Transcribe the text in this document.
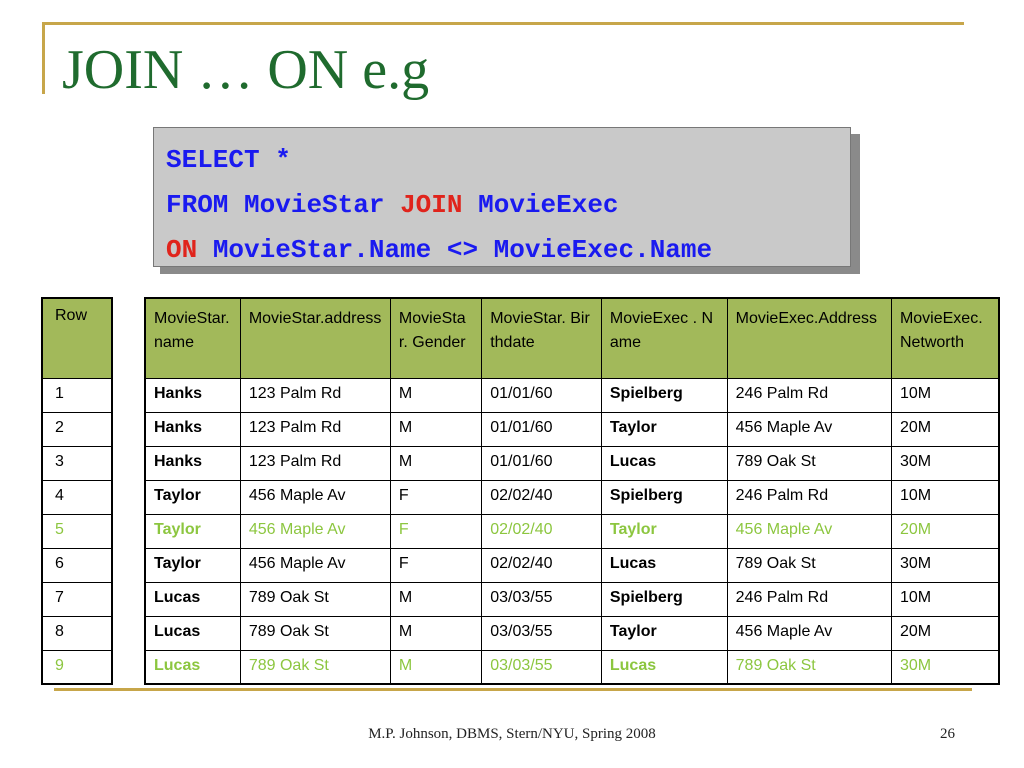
JOIN … ON e.g
SELECT *
FROM MovieStar JOIN MovieExec
ON MovieStar.Name <> MovieExec.Name
Row
1
2
3
4
5
6
7
8
9
MovieStar.name	MovieStar.address	MovieStar. Gender	MovieStar. Birthdate	MovieExec . Name	MovieExec.Address	MovieExec. Networth
Hanks	123 Palm Rd	M	01/01/60	Spielberg	246 Palm Rd	10M
Hanks	123 Palm Rd	M	01/01/60	Taylor	456 Maple Av	20M
Hanks	123 Palm Rd	M	01/01/60	Lucas	789 Oak St	30M
Taylor	456 Maple Av	F	02/02/40	Spielberg	246 Palm Rd	10M
Taylor	456 Maple Av	F	02/02/40	Taylor	456 Maple Av	20M
Taylor	456 Maple Av	F	02/02/40	Lucas	789 Oak St	30M
Lucas	789 Oak St	M	03/03/55	Spielberg	246 Palm Rd	10M
Lucas	789 Oak St	M	03/03/55	Taylor	456 Maple Av	20M
Lucas	789 Oak St	M	03/03/55	Lucas	789 Oak St	30M
M.P. Johnson, DBMS, Stern/NYU, Spring 2008	26
